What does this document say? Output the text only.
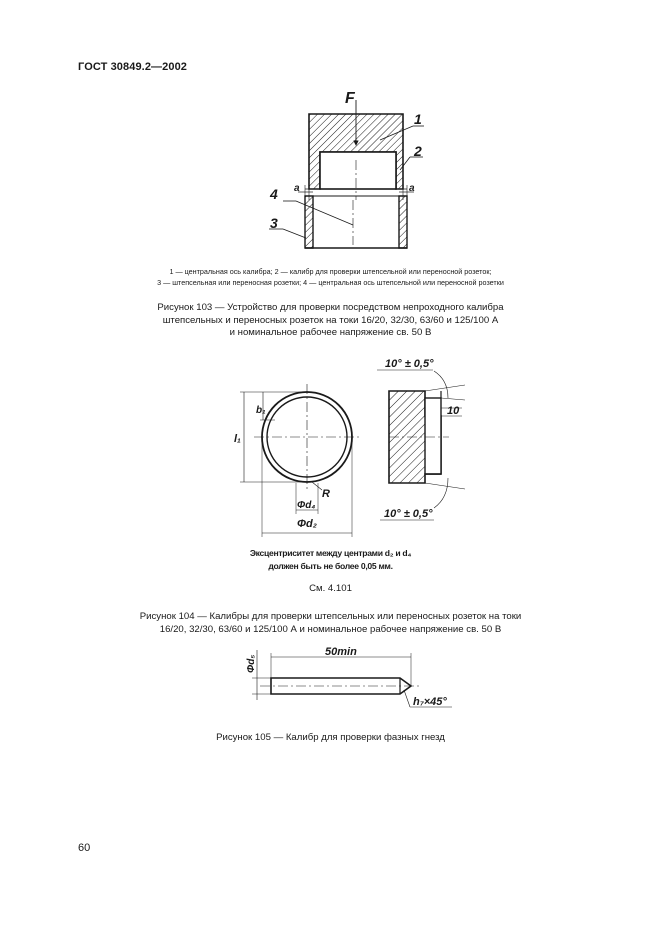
ГОСТ 30849.2—2002
F
1
2
4
3
a	a
1 — центральная ось калибра; 2 — калибр для проверки штепсельной или переносной розеток;
3 — штепсельная или переносная розетки; 4 — центральная ось штепсельной или переносной розетки
Рисунок 103 — Устройство для проверки посредством непроходного калибра
штепсельных и переносных розеток на токи 16/20, 32/30, 63/60 и 125/100 А
и номинальное рабочее напряжение св. 50 В
b₁
l₁
R
Φd₄
Φd₂
10° ± 0,5°
10
10° ± 0,5°
Эксцентриситет между центрами d₂ и d₄
должен быть не более 0,05 мм.
См. 4.101
Рисунок 104 — Калибры для проверки штепсельных или переносных розеток на токи
16/20, 32/30, 63/60 и 125/100 А и номинальное рабочее напряжение св. 50 В
Φd₅
50min
h₇×45°
Рисунок 105 — Калибр для проверки фазных гнезд
60
